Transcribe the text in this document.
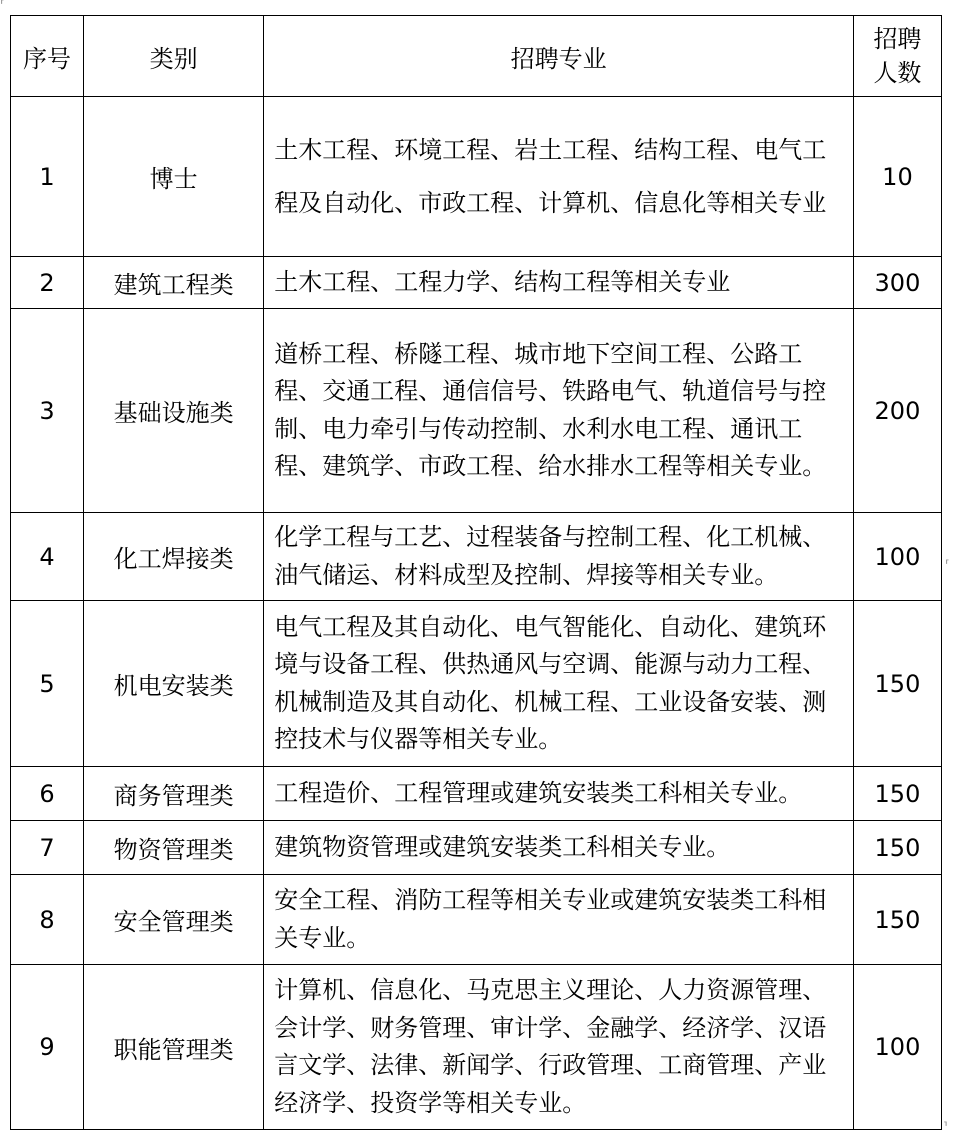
⸢
序号	类别	招聘专业	招聘
人数

1	博士	土木工程、环境工程、岩土工程、结构工程、电气工程及自动化、市政工程、计算机、信息化等相关专业	10
2	建筑工程类	土木工程、工程力学、结构工程等相关专业	300
3	基础设施类	道桥工程、桥隧工程、城市地下空间工程、公路工程、交通工程、通信信号、铁路电气、轨道信号与控制、电力牵引与传动控制、水利水电工程、通讯工程、建筑学、市政工程、给水排水工程等相关专业。	200
4	化工焊接类	化学工程与工艺、过程装备与控制工程、化工机械、油气储运、材料成型及控制、焊接等相关专业。	100
5	机电安装类	电气工程及其自动化、电气智能化、自动化、建筑环境与设备工程、供热通风与空调、能源与动力工程、机械制造及其自动化、机械工程、工业设备安装、测控技术与仪器等相关专业。	150
6	商务管理类	工程造价、工程管理或建筑安装类工科相关专业。	150
7	物资管理类	建筑物资管理或建筑安装类工科相关专业。	150
8	安全管理类	安全工程、消防工程等相关专业或建筑安装类工科相关专业。	150
9	职能管理类	计算机、信息化、马克思主义理论、人力资源管理、会计学、财务管理、审计学、金融学、经济学、汉语言文学、法律、新闻学、行政管理、工商管理、产业经济学、投资学等相关专业。	100
⸢
⸣
